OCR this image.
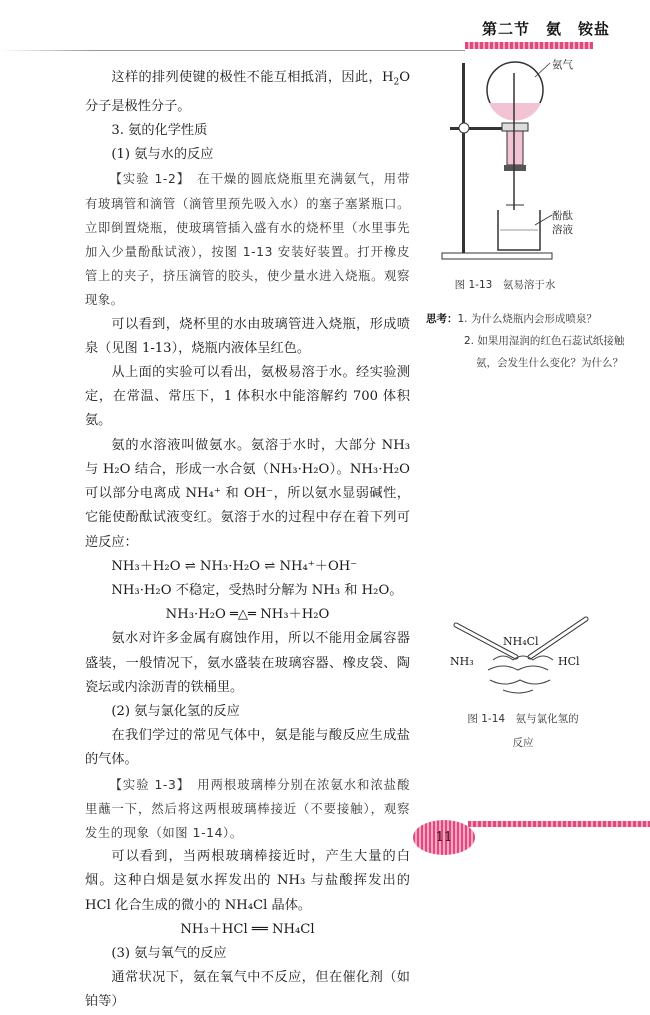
第二节　氨　铵盐

这样的排列使键的极性不能互相抵消，因此，$H_2O$ 分子是极性分子。

3. 氨的化学性质

(1) 氨与水的反应

【实验 1-2】　在干燥的圆底烧瓶里充满氨气，用带有玻璃管和滴管（滴管里预先吸入水）的塞子塞紧瓶口。立即倒置烧瓶，使玻璃管插入盛有水的烧杯里（水里事先加入少量酚酞试液），按图 1-13 安装好装置。打开橡皮管上的夹子，挤压滴管的胶头，使少量水进入烧瓶。观察现象。

可以看到，烧杯里的水由玻璃管进入烧瓶，形成喷泉（见图 1-13），烧瓶内液体呈红色。

从上面的实验可以看出，氨极易溶于水。经实验测定，在常温、常压下，1 体积水中能溶解约 700 体积氨。

氨的水溶液叫做氨水。氨溶于水时，大部分 NH₃ 与 H₂O 结合，形成一水合氨（NH₃·H₂O）。NH₃·H₂O 可以部分电离成 NH₄⁺ 和 OH⁻，所以氨水显弱碱性，它能使酚酞试液变红。氨溶于水的过程中存在着下列可逆反应：

NH₃＋H₂O ⇌ NH₃·H₂O ⇌ NH₄⁺＋OH⁻

NH₃·H₂O 不稳定，受热时分解为 NH₃ 和 H₂O。

NH₃·H₂O ═△═ NH₃＋H₂O

氨水对许多金属有腐蚀作用，所以不能用金属容器盛装，一般情况下，氨水盛装在玻璃容器、橡皮袋、陶瓷坛或内涂沥青的铁桶里。

(2) 氨与氯化氢的反应

在我们学过的常见气体中，氨是能与酸反应生成盐的气体。

【实验 1-3】　用两根玻璃棒分别在浓氨水和浓盐酸里蘸一下，然后将这两根玻璃棒接近（不要接触），观察发生的现象（如图 1-14）。

可以看到，当两根玻璃棒接近时，产生大量的白烟。这种白烟是氨水挥发出的 NH₃ 与盐酸挥发出的 HCl 化合生成的微小的 NH₄Cl 晶体。

NH₃＋HCl ══ NH₄Cl

(3) 氨与氧气的反应

通常状况下，氨在氧气中不反应，但在催化剂（如铂等）

氨气
酚酞
溶液
图 1-13　氨易溶于水
思考：1. 为什么烧瓶内会形成喷泉？
2. 如果用湿润的红色石蕊试纸接触氨，会发生什么变化？为什么？
NH₄Cl
NH₃	HCl
图 1-14　氨与氯化氢的
反应
11
